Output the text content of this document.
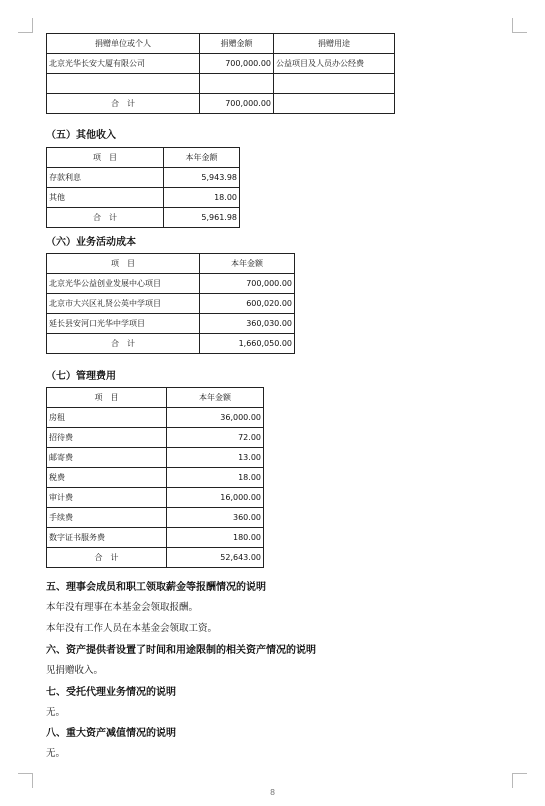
捐赠单位或个人	捐赠金额	捐赠用途
北京光华长安大厦有限公司	700,000.00	公益项目及人员办公经费

合　计	700,000.00	
（五）其他收入
项　目	本年金额
存款利息	5,943.98
其他	18.00
合　计	5,961.98
（六）业务活动成本
项　目	本年金额
北京光华公益创业发展中心项目	700,000.00
北京市大兴区礼贤公英中学项目	600,020.00
延长县安河口光华中学项目	360,030.00
合　计	1,660,050.00
（七）管理费用
项　目	本年金额
房租	36,000.00
招待费	72.00
邮寄费	13.00
税费	18.00
审计费	16,000.00
手续费	360.00
数字证书服务费	180.00
合　计	52,643.00
五、理事会成员和职工领取薪金等报酬情况的说明
本年没有理事在本基金会领取报酬。
本年没有工作人员在本基金会领取工资。
六、资产提供者设置了时间和用途限制的相关资产情况的说明
见捐赠收入。
七、受托代理业务情况的说明
无。
八、重大资产减值情况的说明
无。
8
